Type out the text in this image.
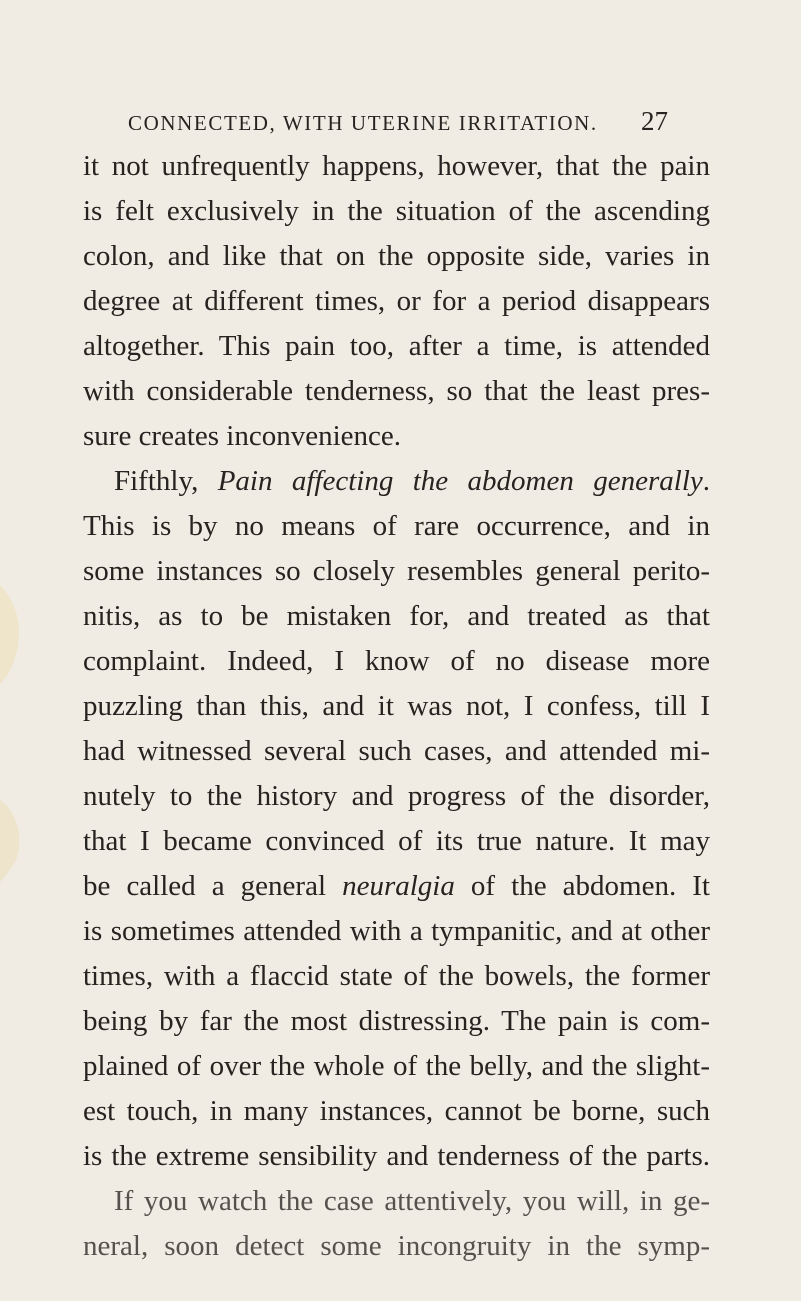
CONNECTED, WITH UTERINE IRRITATION. 27
it not unfrequently happens, however, that the pain
is felt exclusively in the situation of the ascending
colon, and like that on the opposite side, varies in
degree at different times, or for a period disappears
altogether. This pain too, after a time, is attended
with considerable tenderness, so that the least pres-
sure creates inconvenience.
Fifthly, Pain affecting the abdomen generally.
This is by no means of rare occurrence, and in
some instances so closely resembles general perito-
nitis, as to be mistaken for, and treated as that
complaint. Indeed, I know of no disease more
puzzling than this, and it was not, I confess, till I
had witnessed several such cases, and attended mi-
nutely to the history and progress of the disorder,
that I became convinced of its true nature. It may
be called a general neuralgia of the abdomen. It
is sometimes attended with a tympanitic, and at other
times, with a flaccid state of the bowels, the former
being by far the most distressing. The pain is com-
plained of over the whole of the belly, and the slight-
est touch, in many instances, cannot be borne, such
is the extreme sensibility and tenderness of the parts.
If you watch the case attentively, you will, in ge-
neral, soon detect some incongruity in the symp-
